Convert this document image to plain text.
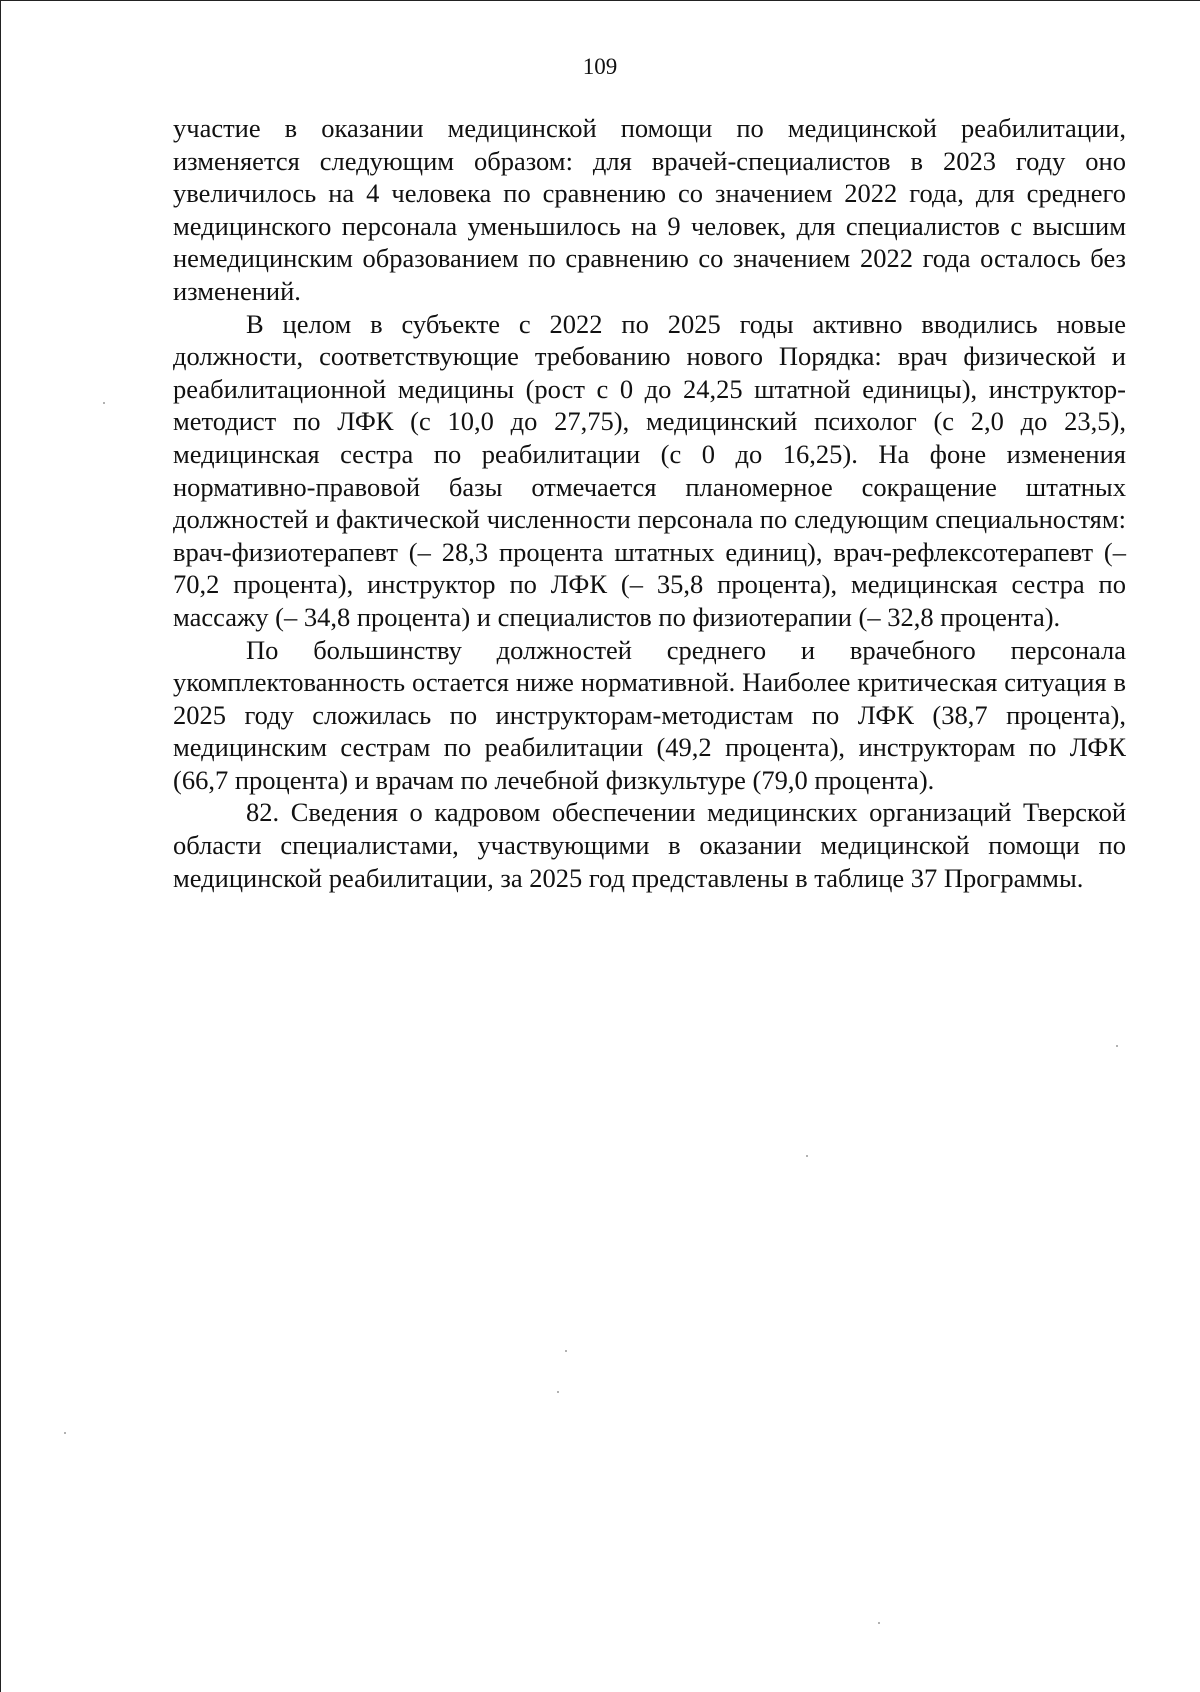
109

участие в оказании медицинской помощи по медицинской реабилитации, изменяется следующим образом: для врачей-специалистов в 2023 году оно увеличилось на 4 человека по сравнению со значением 2022 года, для среднего медицинского персонала уменьшилось на 9 человек, для специалистов с высшим немедицинским образованием по сравнению со значением 2022 года осталось без изменений.

В целом в субъекте с 2022 по 2025 годы активно вводились новые должности, соответствующие требованию нового Порядка: врач физической и реабилитационной медицины (рост с 0 до 24,25 штатной единицы), инструктор-методист по ЛФК (с 10,0 до 27,75), медицинский психолог (с 2,0 до 23,5), медицинская сестра по реабилитации (с 0 до 16,25). На фоне изменения нормативно-правовой базы отмечается планомерное сокращение штатных должностей и фактической численности персонала по следующим специальностям: врач-физиотерапевт (– 28,3 процента штатных единиц), врач-рефлексотерапевт (– 70,2 процента), инструктор по ЛФК (– 35,8 процента), медицинская сестра по массажу (– 34,8 процента) и специалистов по физиотерапии (– 32,8 процента).

По большинству должностей среднего и врачебного персонала укомплектованность остается ниже нормативной. Наиболее критическая ситуация в 2025 году сложилась по инструкторам-методистам по ЛФК (38,7 процента), медицинским сестрам по реабилитации (49,2 процента), инструкторам по ЛФК (66,7 процента) и врачам по лечебной физкультуре (79,0 процента).

82. Сведения о кадровом обеспечении медицинских организаций Тверской области специалистами, участвующими в оказании медицинской помощи по медицинской реабилитации, за 2025 год представлены в таблице 37 Программы.
